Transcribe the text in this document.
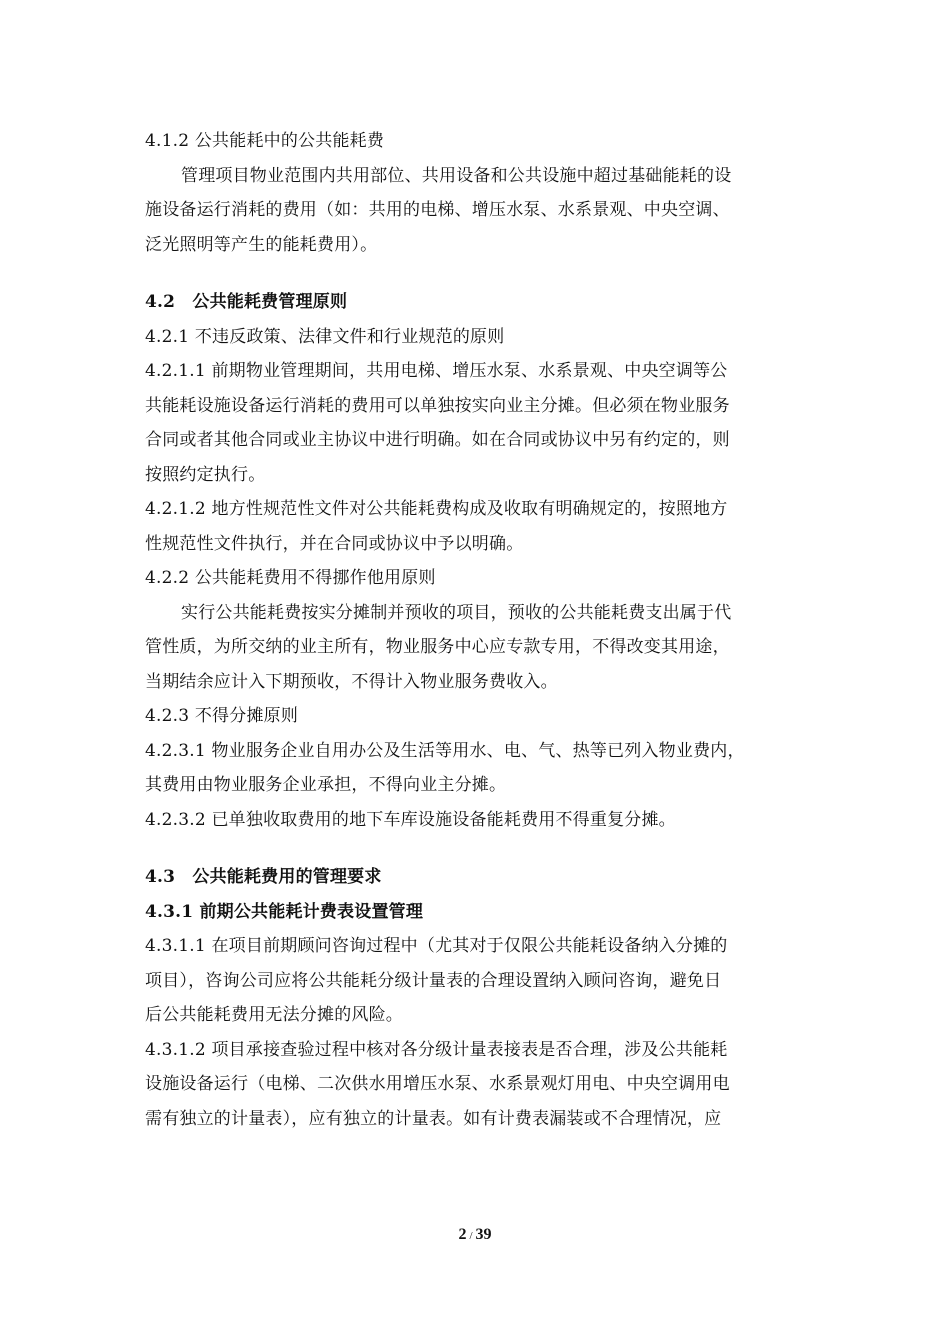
4.1.2 公共能耗中的公共能耗费
管理项目物业范围内共用部位、共用设备和公共设施中超过基础能耗的设
施设备运行消耗的费用（如：共用的电梯、增压水泵、水系景观、中央空调、
泛光照明等产生的能耗费用）。
4.2　公共能耗费管理原则
4.2.1 不违反政策、法律文件和行业规范的原则
4.2.1.1 前期物业管理期间，共用电梯、增压水泵、水系景观、中央空调等公
共能耗设施设备运行消耗的费用可以单独按实向业主分摊。但必须在物业服务
合同或者其他合同或业主协议中进行明确。如在合同或协议中另有约定的，则
按照约定执行。
4.2.1.2 地方性规范性文件对公共能耗费构成及收取有明确规定的，按照地方
性规范性文件执行，并在合同或协议中予以明确。
4.2.2 公共能耗费用不得挪作他用原则
实行公共能耗费按实分摊制并预收的项目，预收的公共能耗费支出属于代
管性质，为所交纳的业主所有，物业服务中心应专款专用，不得改变其用途，
当期结余应计入下期预收，不得计入物业服务费收入。
4.2.3 不得分摊原则
4.2.3.1 物业服务企业自用办公及生活等用水、电、气、热等已列入物业费内，
其费用由物业服务企业承担，不得向业主分摊。
4.2.3.2 已单独收取费用的地下车库设施设备能耗费用不得重复分摊。
4.3　公共能耗费用的管理要求
4.3.1 前期公共能耗计费表设置管理
4.3.1.1 在项目前期顾问咨询过程中（尤其对于仅限公共能耗设备纳入分摊的
项目），咨询公司应将公共能耗分级计量表的合理设置纳入顾问咨询，避免日
后公共能耗费用无法分摊的风险。
4.3.1.2 项目承接查验过程中核对各分级计量表接表是否合理，涉及公共能耗
设施设备运行（电梯、二次供水用增压水泵、水系景观灯用电、中央空调用电
需有独立的计量表），应有独立的计量表。如有计费表漏装或不合理情况，应
2 / 39
